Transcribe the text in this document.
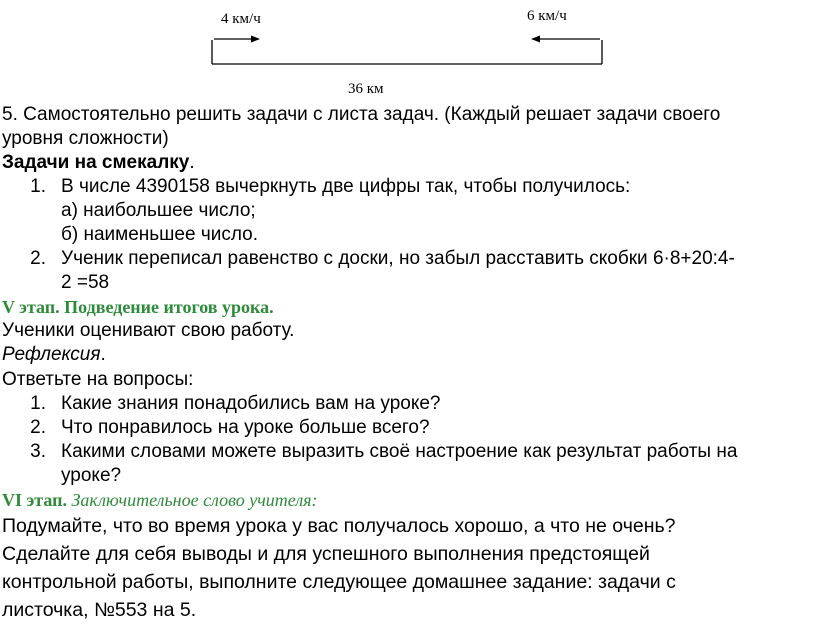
4 км/ч	6 км/ч
36 км
5. Самостоятельно решить задачи с листа задач. (Каждый решает задачи своего
уровня сложности)
Задачи на смекалку.
1. В числе 4390158 вычеркнуть две цифры так, чтобы получилось:
а) наибольшее число;
б) наименьшее число.
2. Ученик переписал равенство с доски, но забыл расставить скобки 6·8+20:4-
2 =58
V этап. Подведение итогов урока.
Ученики оценивают свою работу.
Рефлексия.
Ответьте на вопросы:
1. Какие знания понадобились вам на уроке?
2. Что понравилось на уроке больше всего?
3. Какими словами можете выразить своё настроение как результат работы на
уроке?
VI этап. Заключительное слово учителя:
Подумайте, что во время урока у вас получалось хорошо, а что не очень?
Сделайте для себя выводы и для успешного выполнения предстоящей
контрольной работы, выполните следующее домашнее задание: задачи с
листочка, №553 на 5.
